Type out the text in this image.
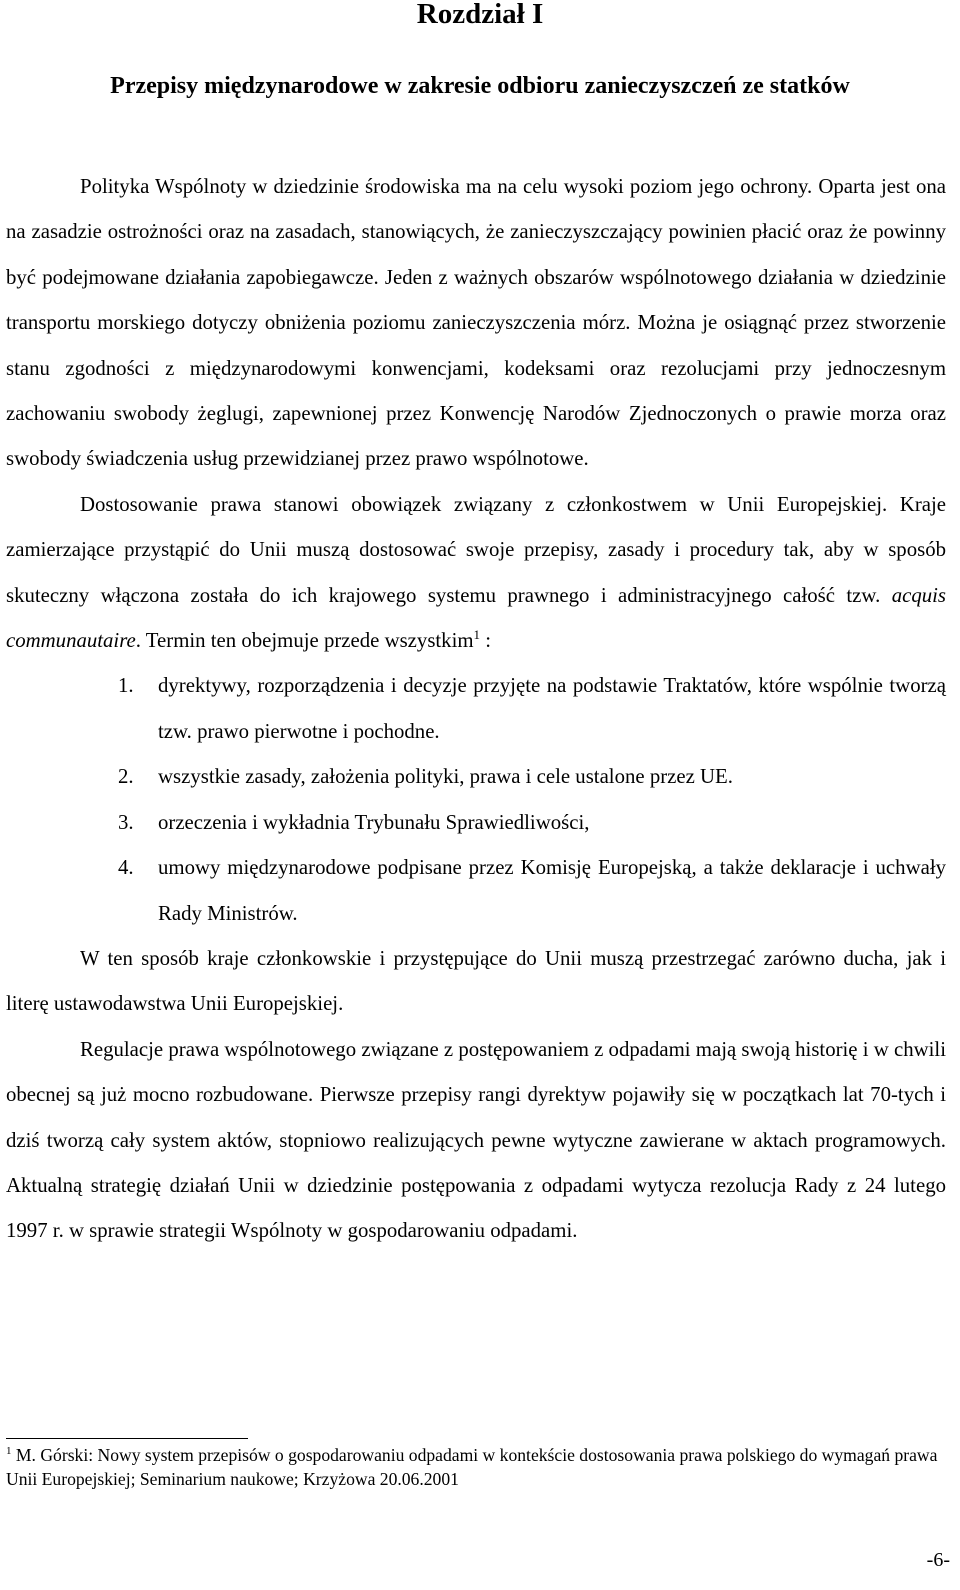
Rozdział I
Przepisy międzynarodowe w zakresie odbioru zanieczyszczeń ze statków

Polityka Wspólnoty w dziedzinie środowiska ma na celu wysoki poziom jego ochrony. Oparta jest ona na zasadzie ostrożności oraz na zasadach, stanowiących, że zanieczyszczający powinien płacić oraz że powinny być podejmowane działania zapobiegawcze. Jeden z ważnych obszarów wspólnotowego działania w dziedzinie transportu morskiego dotyczy obniżenia poziomu zanieczyszczenia mórz. Można je osiągnąć przez stworzenie stanu zgodności z międzynarodowymi konwencjami, kodeksami oraz rezolucjami przy jednoczesnym zachowaniu swobody żeglugi, zapewnionej przez Konwencję Narodów Zjednoczonych o prawie morza oraz swobody świadczenia usług przewidzianej przez prawo wspólnotowe.

Dostosowanie prawa stanowi obowiązek związany z członkostwem w Unii Europejskiej. Kraje zamierzające przystąpić do Unii muszą dostosować swoje przepisy, zasady i procedury tak, aby w sposób skuteczny włączona została do ich krajowego systemu prawnego i administracyjnego całość tzw. acquis communautaire. Termin ten obejmuje przede wszystkim$^1$ :

1. dyrektywy, rozporządzenia i decyzje przyjęte na podstawie Traktatów, które wspólnie tworzą tzw. prawo pierwotne i pochodne.
2. wszystkie zasady, założenia polityki, prawa i cele ustalone przez UE.
3. orzeczenia i wykładnia Trybunału Sprawiedliwości,
4. umowy międzynarodowe podpisane przez Komisję Europejską, a także deklaracje i uchwały Rady Ministrów.

W ten sposób kraje członkowskie i przystępujące do Unii muszą przestrzegać zarówno ducha, jak i literę ustawodawstwa Unii Europejskiej.

Regulacje prawa wspólnotowego związane z postępowaniem z odpadami mają swoją historię i w chwili obecnej są już mocno rozbudowane. Pierwsze przepisy rangi dyrektyw pojawiły się w początkach lat 70-tych i dziś tworzą cały system aktów, stopniowo realizujących pewne wytyczne zawierane w aktach programowych. Aktualną strategię działań Unii w dziedzinie postępowania z odpadami wytycza rezolucja Rady z 24 lutego 1997 r. w sprawie strategii Wspólnoty w gospodarowaniu odpadami.

$^1$ M. Górski: Nowy system przepisów o gospodarowaniu odpadami w kontekście dostosowania prawa polskiego do wymagań prawa Unii Europejskiej; Seminarium naukowe; Krzyżowa 20.06.2001
-6-
